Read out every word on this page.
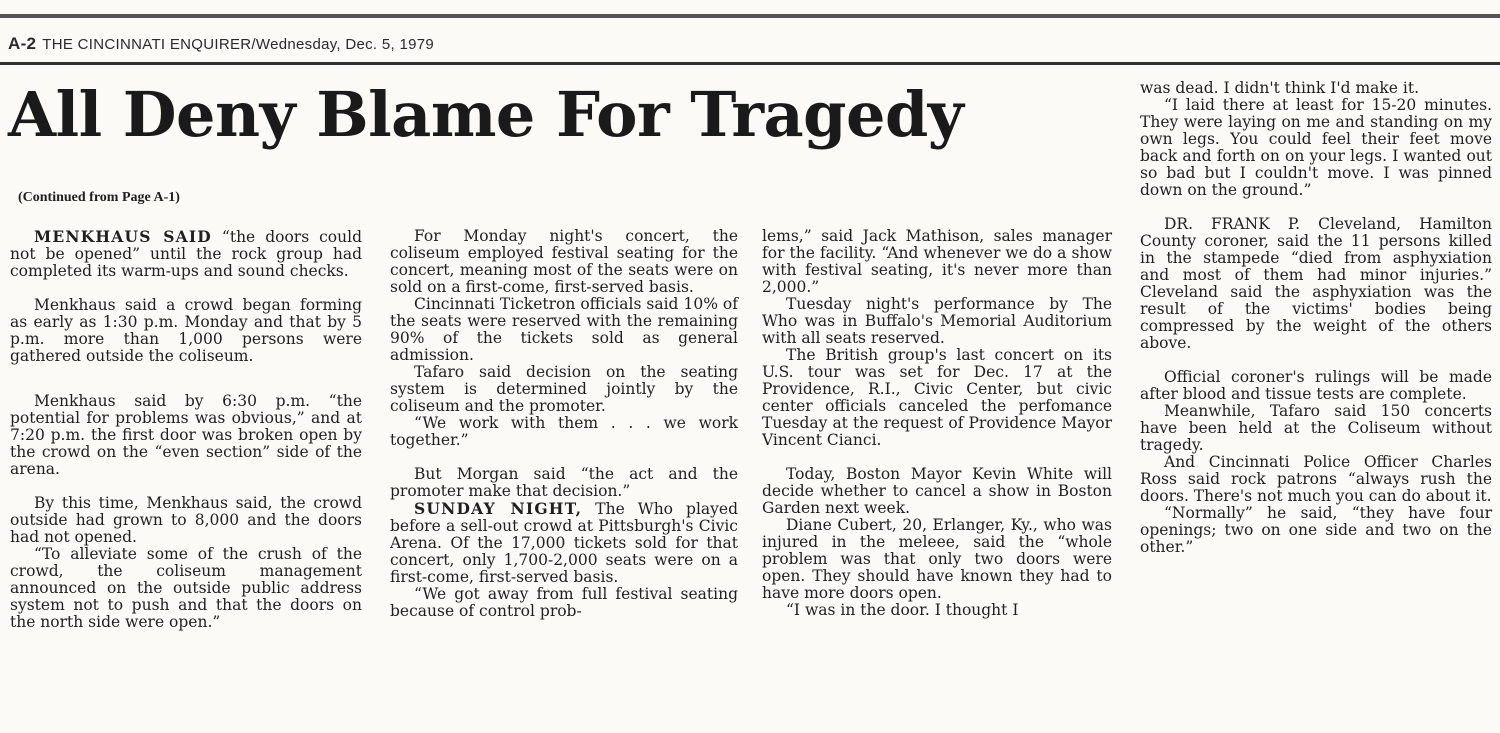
A-2 THE CINCINNATI ENQUIRER/Wednesday, Dec. 5, 1979
All Deny Blame For Tragedy
(Continued from Page A-1)

MENKHAUS SAID “the doors could not be opened” until the rock group had completed its warm-ups and sound checks.

Menkhaus said a crowd began forming as early as 1:30 p.m. Monday and that by 5 p.m. more than 1,000 persons were gathered outside the coliseum.

Menkhaus said by 6:30 p.m. “the potential for problems was obvious,” and at 7:20 p.m. the first door was broken open by the crowd on the “even section” side of the arena.

By this time, Menkhaus said, the crowd outside had grown to 8,000 and the doors had not opened.

“To alleviate some of the crush of the crowd, the coliseum management announced on the outside public address system not to push and that the doors on the north side were open.”

For Monday night's concert, the coliseum employed festival seating for the concert, meaning most of the seats were on sold on a first-come, first-served basis.

Cincinnati Ticketron officials said 10% of the seats were reserved with the remaining 90% of the tickets sold as general admission.

Tafaro said decision on the seating system is determined jointly by the coliseum and the promoter.

“We work with them . . . we work together.”

But Morgan said “the act and the promoter make that decision.”

SUNDAY NIGHT, The Who played before a sell-out crowd at Pittsburgh's Civic Arena. Of the 17,000 tickets sold for that concert, only 1,700-2,000 seats were on a first-come, first-served basis.

“We got away from full festival seating because of control prob-

lems,” said Jack Mathison, sales manager for the facility. “And whenever we do a show with festival seating, it's never more than 2,000.”

Tuesday night's performance by The Who was in Buffalo's Memorial Auditorium with all seats reserved.

The British group's last concert on its U.S. tour was set for Dec. 17 at the Providence, R.I., Civic Center, but civic center officials canceled the perfomance Tuesday at the request of Providence Mayor Vincent Cianci.

Today, Boston Mayor Kevin White will decide whether to cancel a show in Boston Garden next week.

Diane Cubert, 20, Erlanger, Ky., who was injured in the meleee, said the “whole problem was that only two doors were open. They should have known they had to have more doors open.

“I was in the door. I thought I

was dead. I didn't think I'd make it.

“I laid there at least for 15-20 minutes. They were laying on me and standing on my own legs. You could feel their feet move back and forth on on your legs. I wanted out so bad but I couldn't move. I was pinned down on the ground.”

DR. FRANK P. Cleveland, Hamilton County coroner, said the 11 persons killed in the stampede “died from asphyxiation and most of them had minor injuries.” Cleveland said the asphyxiation was the result of the victims' bodies being compressed by the weight of the others above.

Official coroner's rulings will be made after blood and tissue tests are complete.

Meanwhile, Tafaro said 150 concerts have been held at the Coliseum without tragedy.

And Cincinnati Police Officer Charles Ross said rock patrons “always rush the doors. There's not much you can do about it.

“Normally” he said, “they have four openings; two on one side and two on the other.”
